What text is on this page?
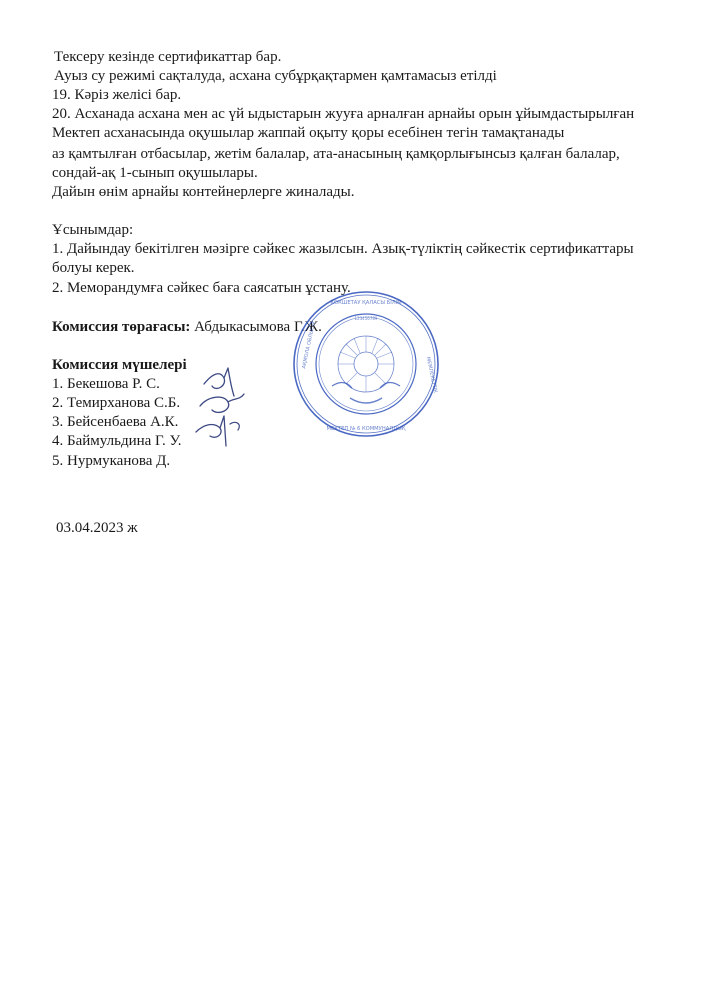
Тексеру кезінде сертификаттар бар.
Ауыз су режимі сақталуда, асхана субұрқақтармен қамтамасыз етілді
19. Кәріз желісі бар.
20. Асханада асхана мен ас үй ыдыстарын жууға арналған арнайы орын ұйымдастырылған
Мектеп асханасында оқушылар жаппай оқыту қоры есебінен тегін тамақтанады
аз қамтылған отбасылар, жетім балалар, ата-анасының қамқорлығынсыз қалған балалар,
сондай-ақ 1-сынып оқушылары.
Дайын өнім арнайы контейнерлерге жиналады.
Ұсынымдар:
1. Дайындау бекітілген мәзірге сәйкес жазылсын. Азық-түліктің сәйкестік сертификаттары
болуы керек.
2. Меморандумға сәйкес баға саясатын ұстану.
Комиссия төрағасы: Абдыкасымова Г.Ж.
Комиссия мүшелері
1. Бекешова Р. С.
2. Темирханова С.Б.
3. Бейсенбаева А.К.
4. Баймульдина Г. У.
5. Нурмуканова Д.
03.04.2023 ж
КӨКШЕТАУ ҚАЛАСЫ БІЛІМ
МЕКТЕП № 6 КОММУНАЛДЫҚ
АҚМОЛА ОБЛЫСЫ
МЕМЛЕКЕТТІК
123456789
